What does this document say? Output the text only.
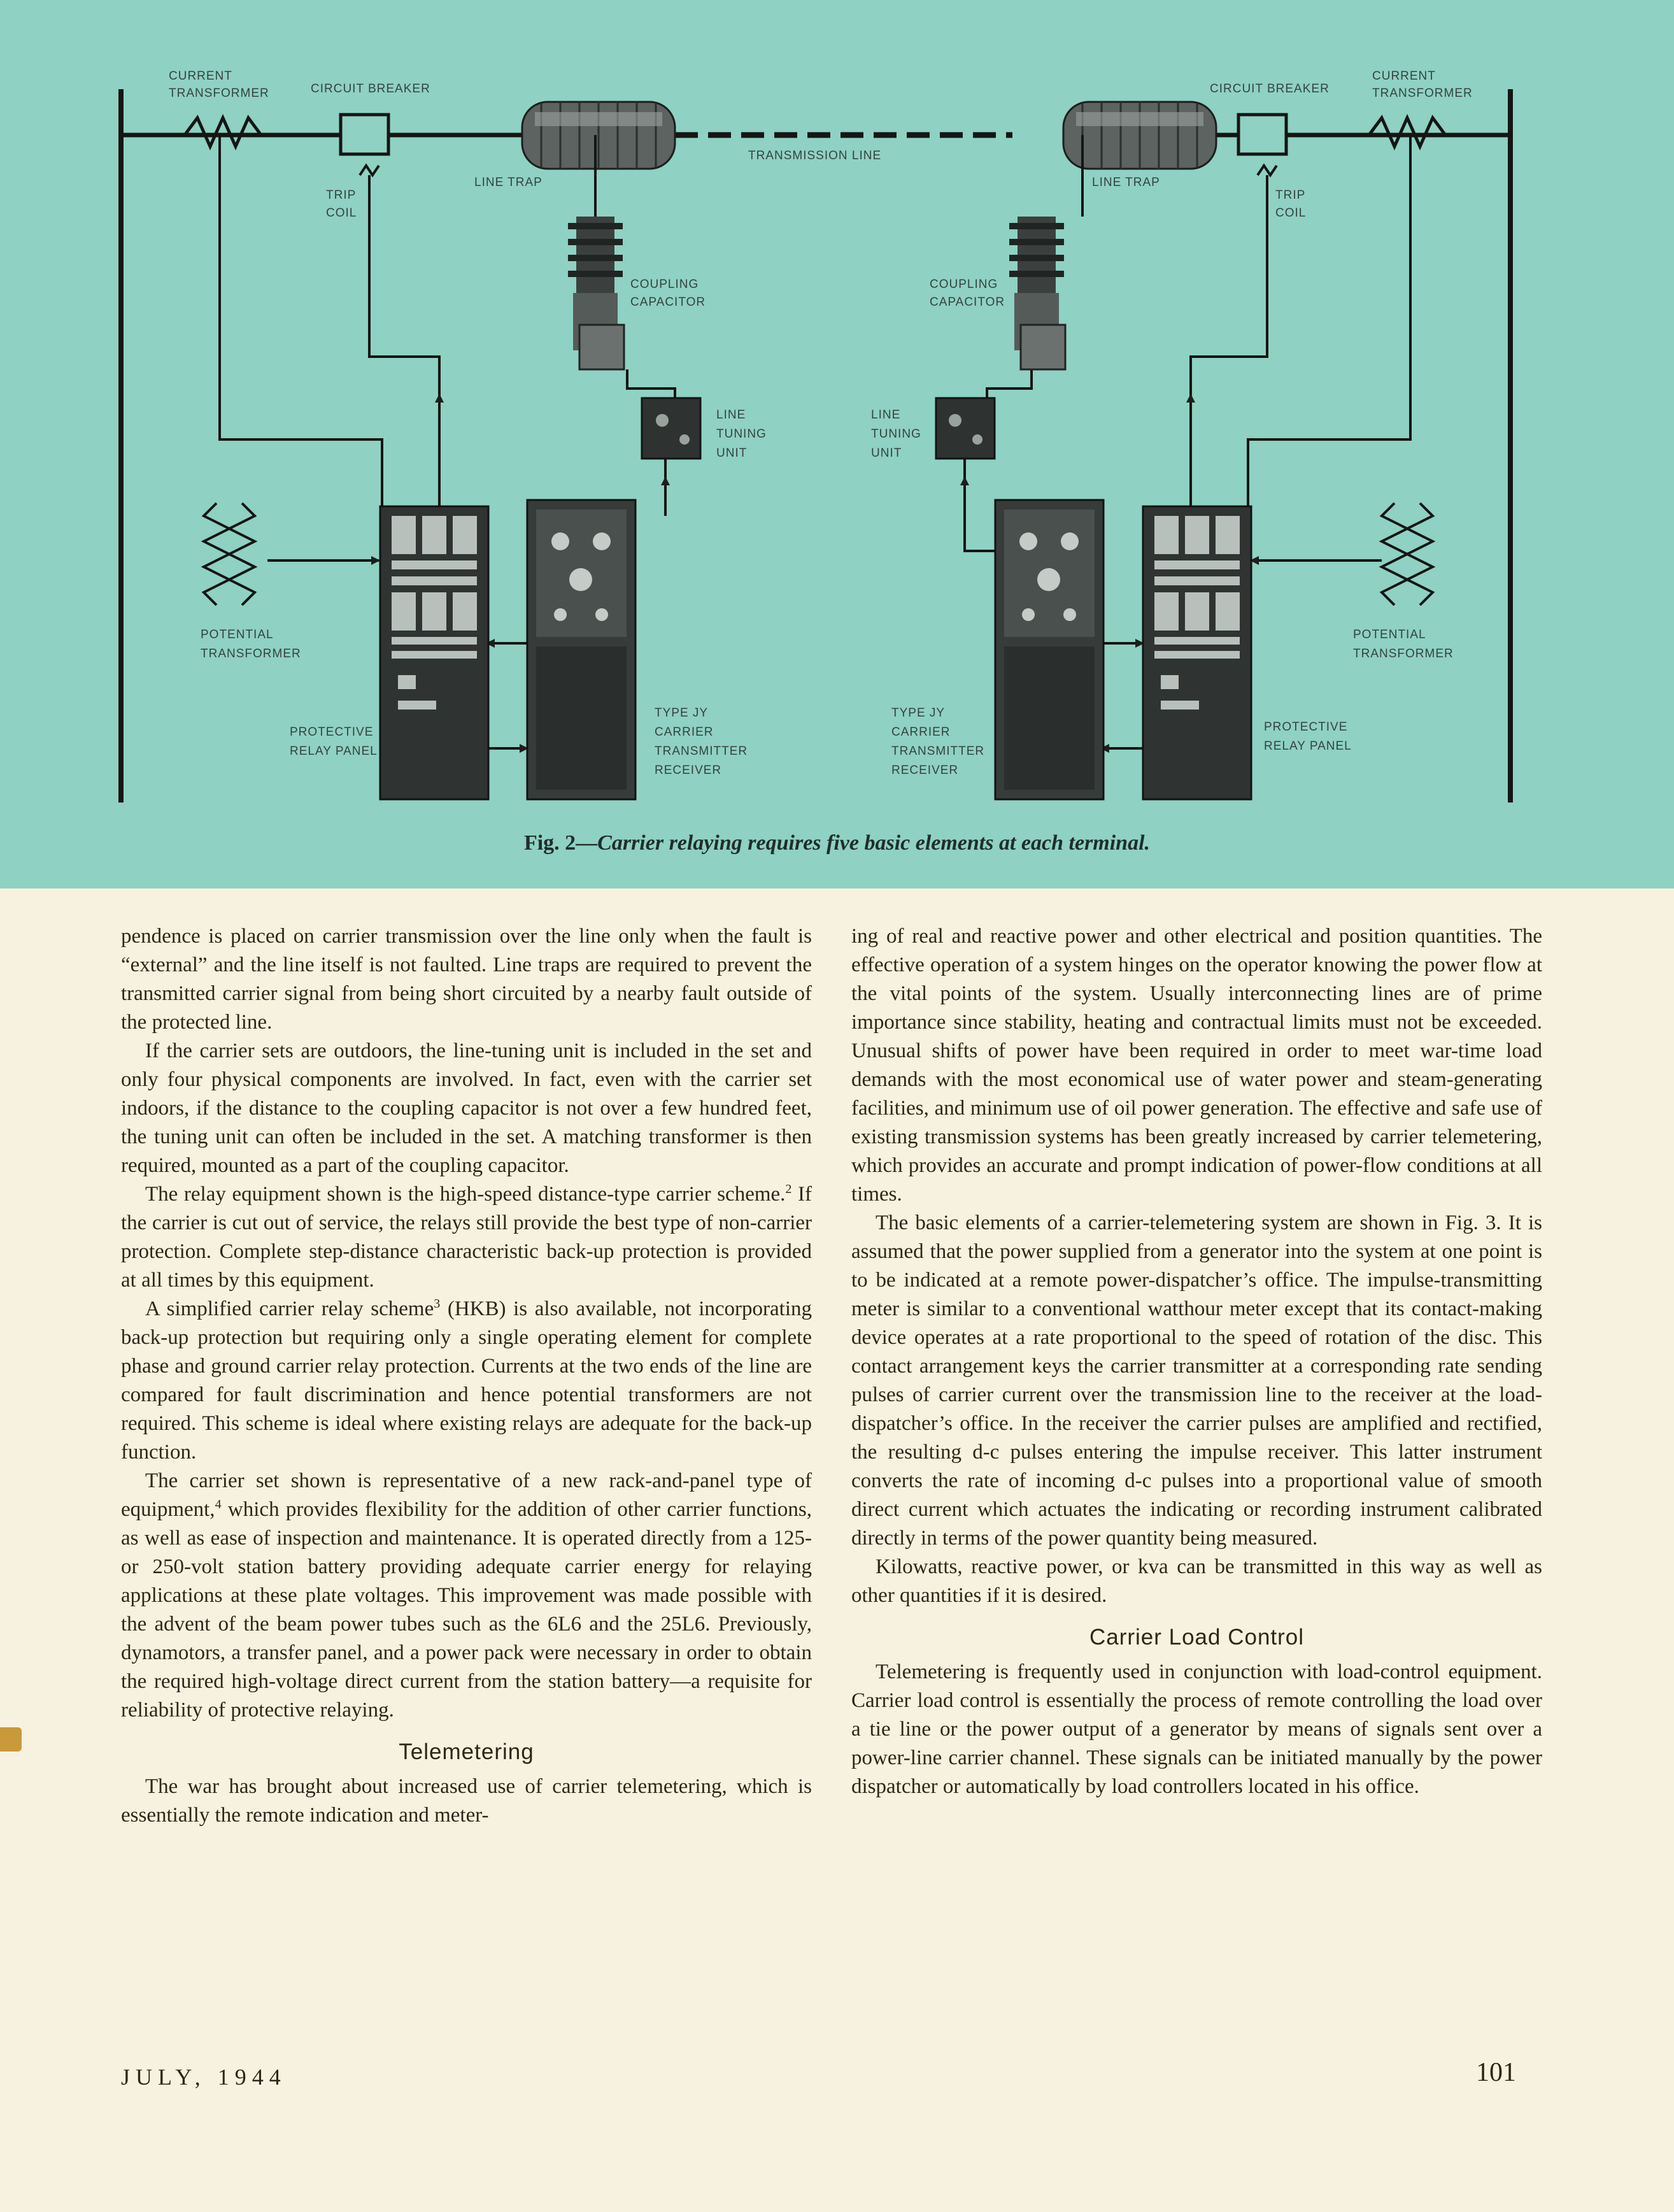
CURRENT
TRANSFORMER	CIRCUIT BREAKER
TRIP
COIL
LINE TRAP
TRANSMISSION LINE
LINE TRAP
CIRCUIT BREAKER
CURRENT
TRANSFORMER
TRIP
COIL
COUPLING
CAPACITOR
COUPLING
CAPACITOR
LINE
TUNING
UNIT
LINE
TUNING
UNIT
POTENTIAL
TRANSFORMER
POTENTIAL
TRANSFORMER
PROTECTIVE
RELAY PANEL
PROTECTIVE
RELAY PANEL
TYPE JY
CARRIER
TRANSMITTER
RECEIVER
TYPE JY
CARRIER
TRANSMITTER
RECEIVER
Fig. 2—Carrier relaying requires five basic elements at each terminal.

pendence is placed on carrier transmission over the line only when the fault is “external” and the line itself is not faulted. Line traps are required to prevent the transmitted carrier signal from being short circuited by a nearby fault outside of the protected line.

If the carrier sets are outdoors, the line-tuning unit is included in the set and only four physical components are involved. In fact, even with the carrier set indoors, if the distance to the coupling capacitor is not over a few hundred feet, the tuning unit can often be included in the set. A matching transformer is then required, mounted as a part of the coupling capacitor.

The relay equipment shown is the high-speed distance-type carrier scheme.$^2$ If the carrier is cut out of service, the relays still provide the best type of non-carrier protection. Complete step-distance characteristic back-up protection is provided at all times by this equipment.

A simplified carrier relay scheme$^3$ (HKB) is also available, not incorporating back-up protection but requiring only a single operating element for complete phase and ground carrier relay protection. Currents at the two ends of the line are compared for fault discrimination and hence potential transformers are not required. This scheme is ideal where existing relays are adequate for the back-up function.

The carrier set shown is representative of a new rack-and-panel type of equipment,$^4$ which provides flexibility for the addition of other carrier functions, as well as ease of inspection and maintenance. It is operated directly from a 125- or 250-volt station battery providing adequate carrier energy for relaying applications at these plate voltages. This improvement was made possible with the advent of the beam power tubes such as the 6L6 and the 25L6. Previously, dynamotors, a transfer panel, and a power pack were necessary in order to obtain the required high-voltage direct current from the station battery—a requisite for reliability of protective relaying.

Telemetering

The war has brought about increased use of carrier telemetering, which is essentially the remote indication and meter-

ing of real and reactive power and other electrical and position quantities. The effective operation of a system hinges on the operator knowing the power flow at the vital points of the system. Usually interconnecting lines are of prime importance since stability, heating and contractual limits must not be exceeded. Unusual shifts of power have been required in order to meet war-time load demands with the most economical use of water power and steam-generating facilities, and minimum use of oil power generation. The effective and safe use of existing transmission systems has been greatly increased by carrier telemetering, which provides an accurate and prompt indication of power-flow conditions at all times.

The basic elements of a carrier-telemetering system are shown in Fig. 3. It is assumed that the power supplied from a generator into the system at one point is to be indicated at a remote power-dispatcher’s office. The impulse-transmitting meter is similar to a conventional watthour meter except that its contact-making device operates at a rate proportional to the speed of rotation of the disc. This contact arrangement keys the carrier transmitter at a corresponding rate sending pulses of carrier current over the transmission line to the receiver at the load-dispatcher’s office. In the receiver the carrier pulses are amplified and rectified, the resulting d-c pulses entering the impulse receiver. This latter instrument converts the rate of incoming d-c pulses into a proportional value of smooth direct current which actuates the indicating or recording instrument calibrated directly in terms of the power quantity being measured.

Kilowatts, reactive power, or kva can be transmitted in this way as well as other quantities if it is desired.

Carrier Load Control

Telemetering is frequently used in conjunction with load-control equipment. Carrier load control is essentially the process of remote controlling the load over a tie line or the power output of a generator by means of signals sent over a power-line carrier channel. These signals can be initiated manually by the power dispatcher or automatically by load controllers located in his office.

JULY, 1944	101
